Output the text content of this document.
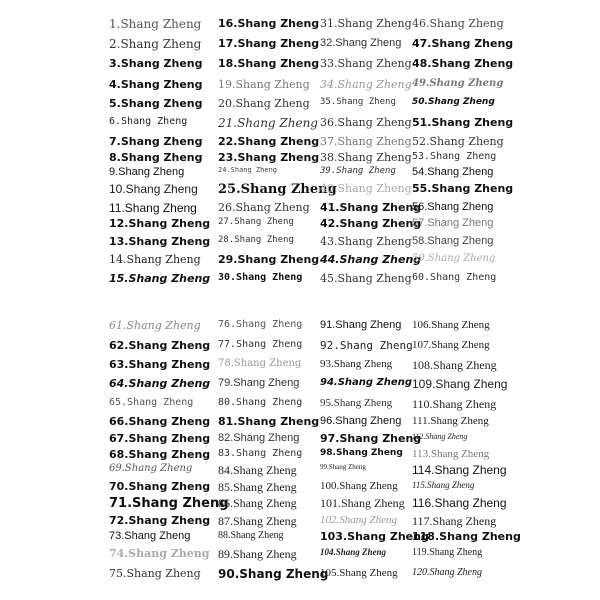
1.Shang Zheng
2.Shang Zheng
3.Shang Zheng
4.Shang Zheng
5.Shang Zheng
6.Shang Zheng
7.Shang Zheng
8.Shang Zheng
9.Shang Zheng
10.Shang Zheng
11.Shang Zheng
12.Shang Zheng
13.Shang Zheng
14.Shang Zheng
15.Shang Zheng
16.Shang Zheng
17.Shang Zheng
18.Shang Zheng
19.Shang Zheng
20.Shang Zheng
21.Shang Zheng
22.Shang Zheng
23.Shang Zheng
24.Shang Zheng
25.Shang Zheng
26.Shang Zheng
27.Shang Zheng
28.Shang Zheng
29.Shang Zheng
30.Shang Zheng
31.Shang Zheng
32.Shang Zheng
33.Shang Zheng
34.Shang Zheng
35.Shang Zheng
36.Shang Zheng
37.Shang Zheng
38.Shang Zheng
39.Shang Zheng
40.Shang Zheng
41.Shang Zheng
42.Shang Zheng
43.Shang Zheng
44.Shang Zheng
45.Shang Zheng
46.Shang Zheng
47.Shang Zheng
48.Shang Zheng
49.Shang Zheng
50.Shang Zheng
51.Shang Zheng
52.Shang Zheng
53.Shang Zheng
54.Shang Zheng
55.Shang Zheng
56.Shang Zheng
57.Shang Zheng
58.Shang Zheng
59.Shang Zheng
60.Shang Zheng
61.Shang Zheng
62.Shang Zheng
63.Shang Zheng
64.Shang Zheng
65.Shang Zheng
66.Shang Zheng
67.Shang Zheng
68.Shang Zheng
69.Shang Zheng
70.Shang Zheng
71.Shang Zheng
72.Shang Zheng
73.Shang Zheng
74.Shang Zheng
75.Shang Zheng
76.Shang Zheng
77.Shang Zheng
78.Shang Zheng
79.Shang Zheng
80.Shang Zheng
81.Shang Zheng
82.Shang Zheng
83.Shang Zheng
84.Shang Zheng
85.Shang Zheng
86.Shang Zheng
87.Shang Zheng
88.Shang Zheng
89.Shang Zheng
90.Shang Zheng
91.Shang Zheng
92.Shang Zheng
93.Shang Zheng
94.Shang Zheng
95.Shang Zheng
96.Shang Zheng
97.Shang Zheng
98.Shang Zheng
99.Shang Zheng
100.Shang Zheng
101.Shang Zheng
102.Shang Zheng
103.Shang Zheng
104.Shang Zheng
105.Shang Zheng
106.Shang Zheng
107.Shang Zheng
108.Shang Zheng
109.Shang Zheng
110.Shang Zheng
111.Shang Zheng
112.Shang Zheng
113.Shang Zheng
114.Shang Zheng
115.Shang Zheng
116.Shang Zheng
117.Shang Zheng
118.Shang Zheng
119.Shang Zheng
120.Shang Zheng
